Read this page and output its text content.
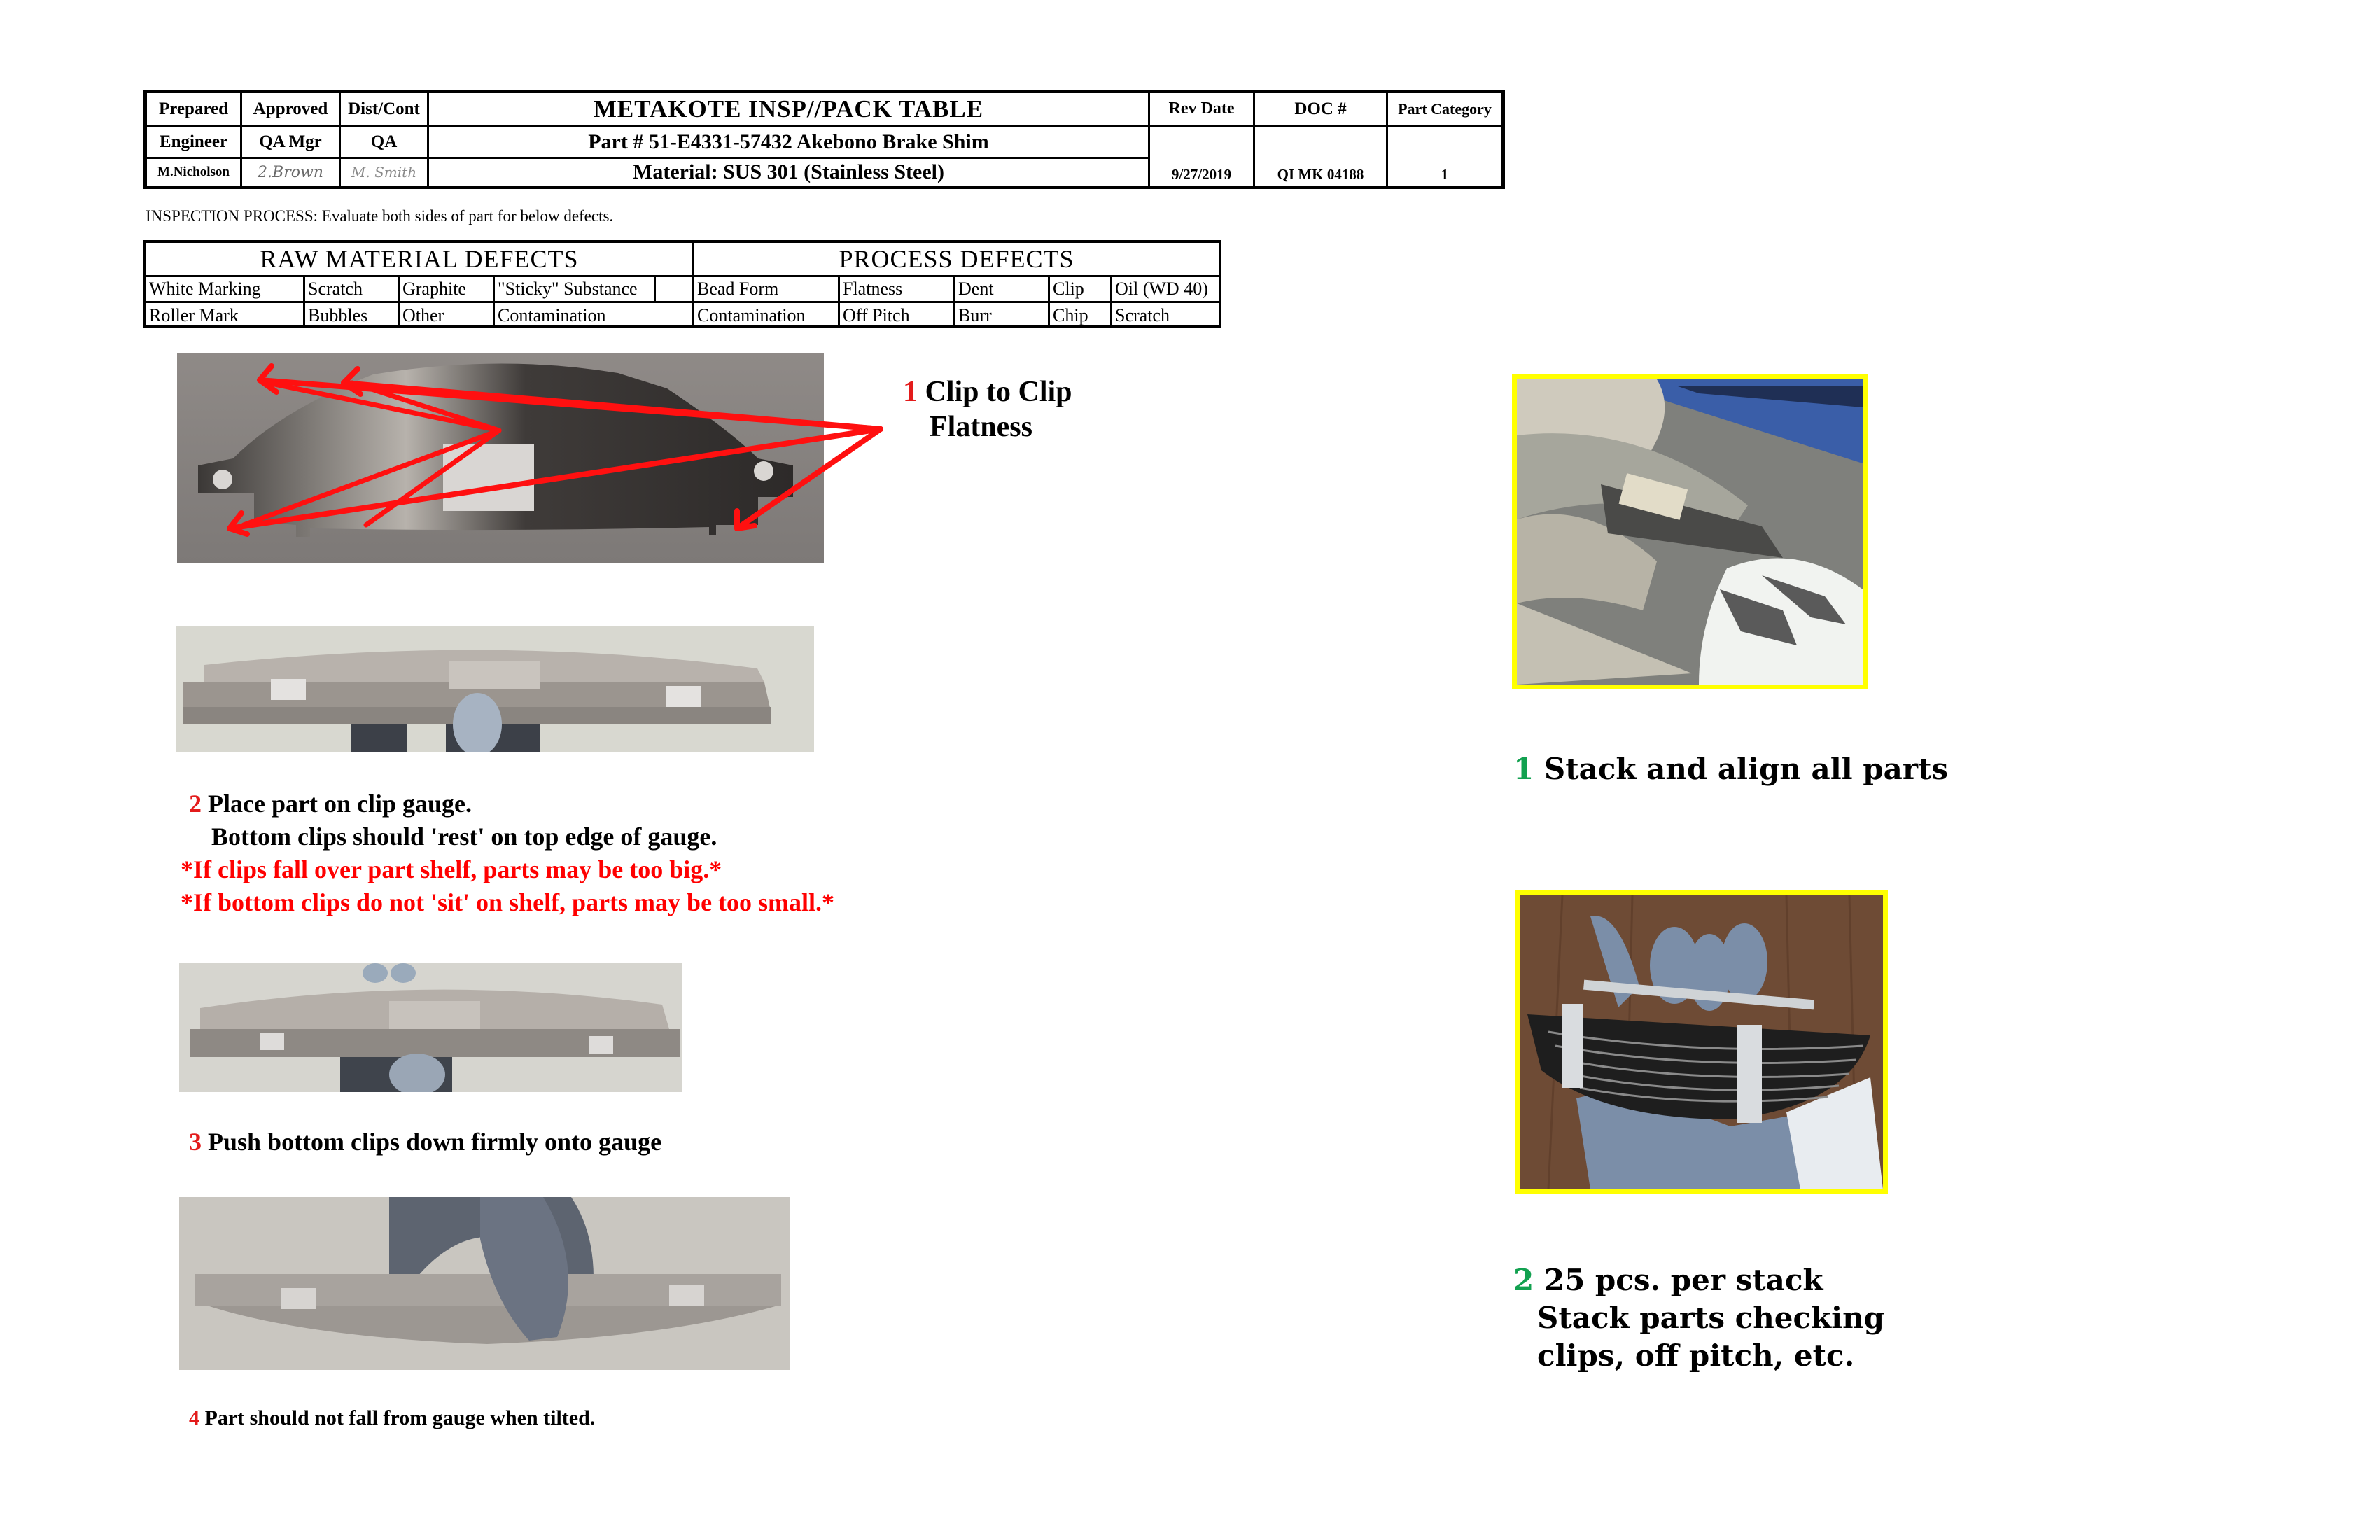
Prepared	Approved	Dist/Cont	METAKOTE INSP//PACK TABLE	Rev Date	DOC #	Part Category
Engineer	QA Mgr	QA	Part # 51-E4331-57432 Akebono Brake Shim
M.Nicholson	2.Brown	M. Smith	Material: SUS 301 (Stainless Steel)	9/27/2019	QI MK 04188	1
INSPECTION PROCESS: Evaluate both sides of part for below defects.
RAW MATERIAL DEFECTS	PROCESS DEFECTS
White Marking	Scratch	Graphite	"Sticky" Substance
Roller Mark	Bubbles	Other	Contamination
Bead Form	Flatness	Dent	Clip	Oil (WD 40)
Contamination	Off Pitch	Burr	Chip	Scratch
1 Clip to Clip
Flatness
2 Place part on clip gauge.
Bottom clips should 'rest' on top edge of gauge.
*If clips fall over part shelf, parts may be too big.*
*If bottom clips do not 'sit' on shelf, parts may be too small.*
3 Push bottom clips down firmly onto gauge
4 Part should not fall from gauge when tilted.
1 Stack and align all parts
2 25 pcs. per stack
Stack parts checking
clips, off pitch, etc.
